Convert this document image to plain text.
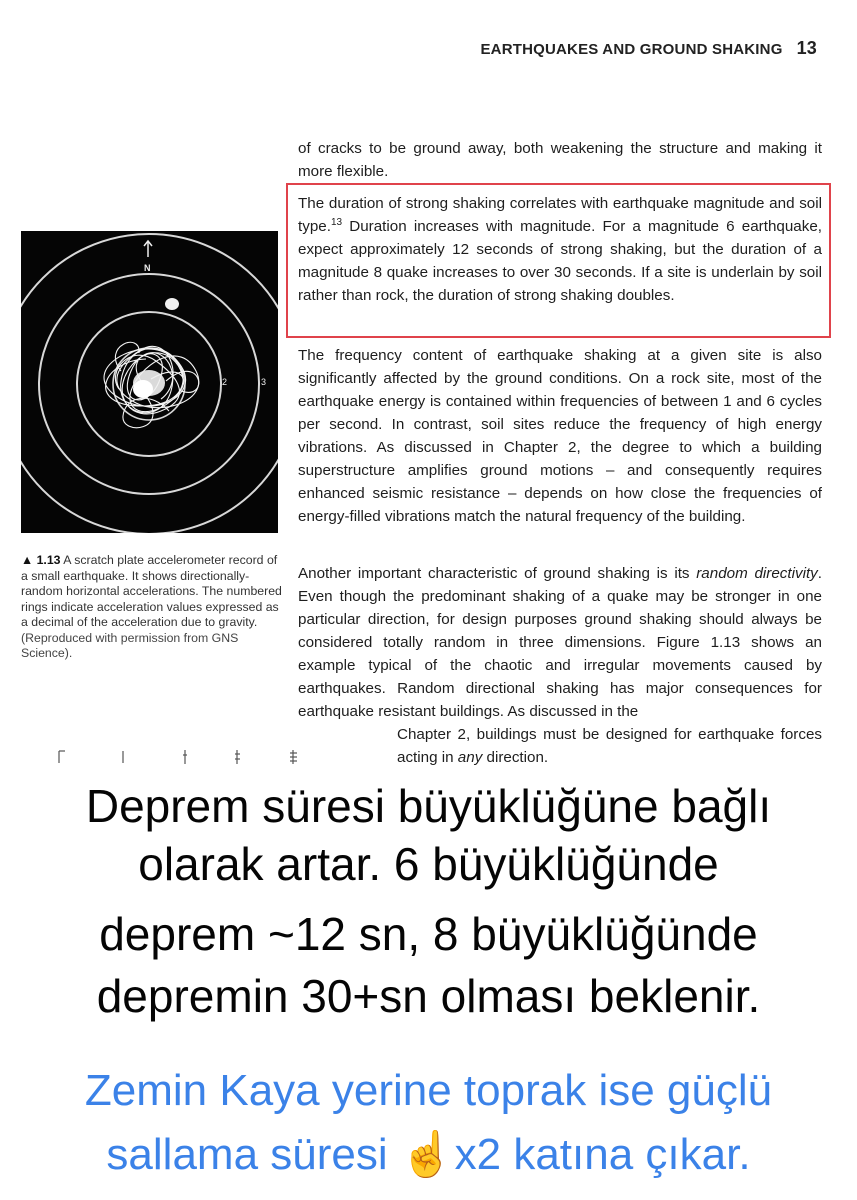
EARTHQUAKES AND GROUND SHAKING 13

of cracks to be ground away, both weakening the structure and making it more flexible.

The duration of strong shaking correlates with earthquake magnitude and soil type.$^{13}$ Duration increases with magnitude. For a magnitude 6 earthquake, expect approximately 12 seconds of strong shaking, but the duration of a magnitude 8 quake increases to over 30 seconds. If a site is underlain by soil rather than rock, the duration of strong shaking doubles.

The frequency content of earthquake shaking at a given site is also significantly affected by the ground conditions. On a rock site, most of the earthquake energy is contained within frequencies of between 1 and 6 cycles per second. In contrast, soil sites reduce the frequency of high energy vibrations. As discussed in Chapter 2, the degree to which a building superstructure amplifies ground motions – and consequently requires enhanced seismic resistance – depends on how close the frequencies of energy-filled vibrations match the natural frequency of the building.

Another important characteristic of ground shaking is its random directivity. Even though the predominant shaking of a quake may be stronger in one particular direction, for design purposes ground shaking should always be considered totally random in three dimensions. Figure 1.13 shows an example typical of the chaotic and irregular movements caused by earthquakes. Random directional shaking has major consequences for earthquake resistant buildings. As discussed in the

Chapter 2, buildings must be designed for earthquake forces acting in any direction.

N
2	3
▲ 1.13 A scratch plate accelerometer record of a small earthquake. It shows directionally-random horizontal accelerations. The numbered rings indicate acceleration values expressed as a decimal of the acceleration due to gravity. (Reproduced with permission from GNS Science).
Deprem süresi büyüklüğüne bağlı
olarak artar. 6 büyüklüğünde
deprem ~12 sn, 8 büyüklüğünde
depremin 30+sn olması beklenir.
Zemin Kaya yerine toprak ise güçlü
sallama süresi ☝️x2 katına çıkar.
